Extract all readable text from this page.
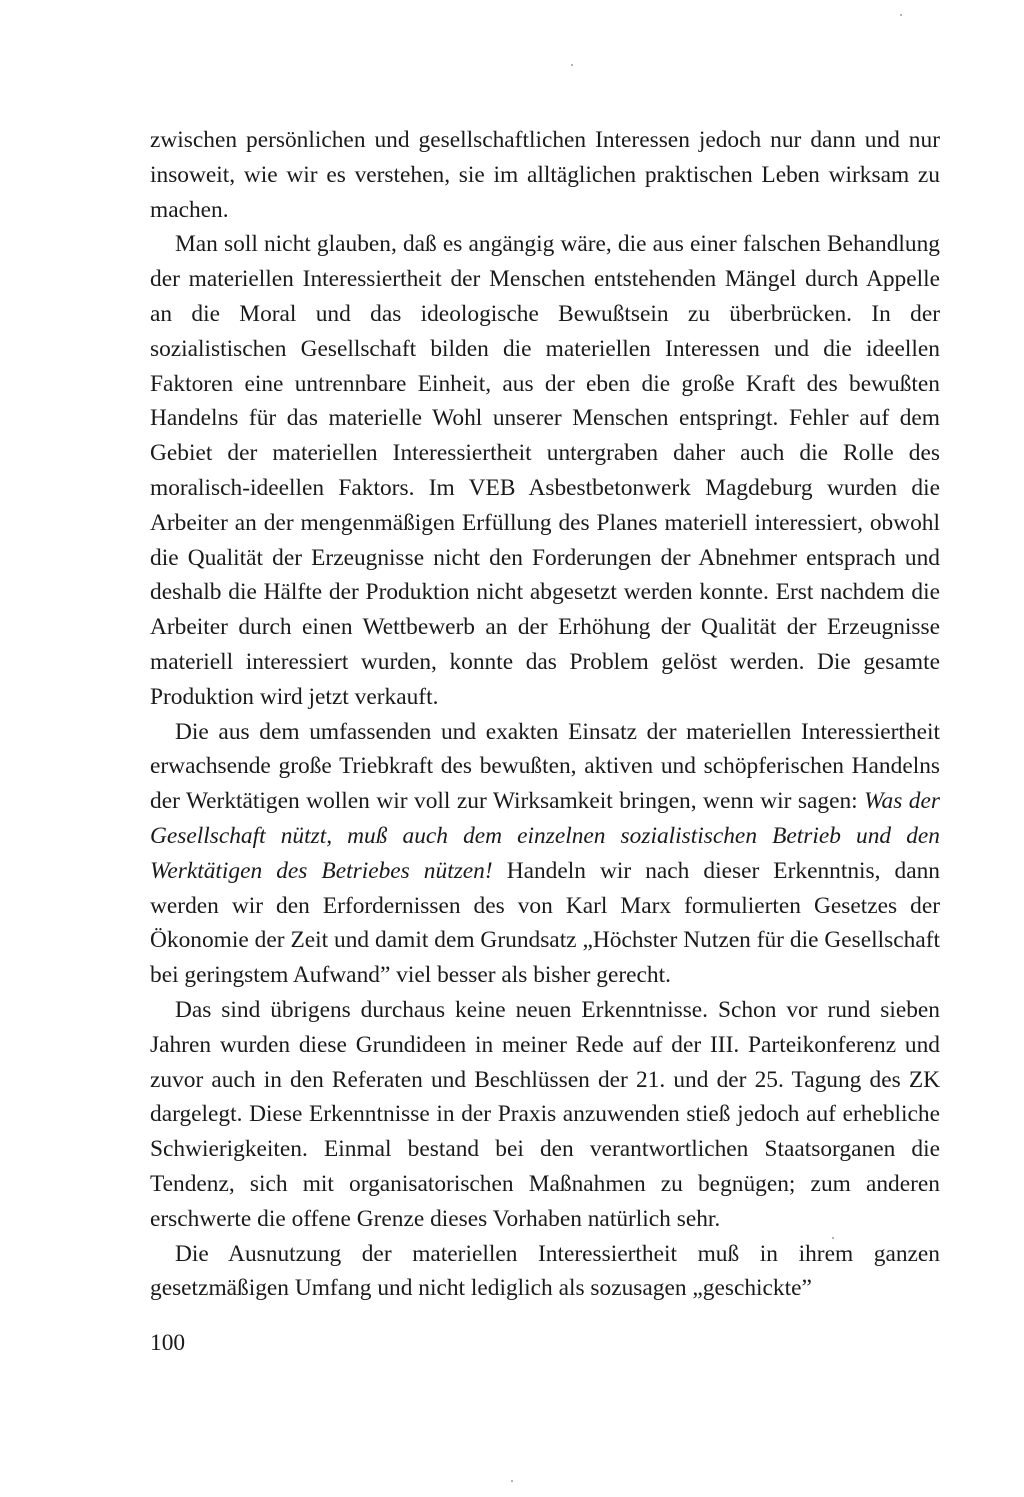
zwischen persönlichen und gesellschaftlichen Interessen jedoch nur dann und nur insoweit, wie wir es verstehen, sie im alltäglichen praktischen Leben wirksam zu machen.

Man soll nicht glauben, daß es angängig wäre, die aus einer falschen Behandlung der materiellen Interessiertheit der Menschen entstehenden Mängel durch Appelle an die Moral und das ideologische Bewußtsein zu überbrücken. In der sozialistischen Gesellschaft bilden die materiellen Interessen und die ideellen Faktoren eine untrennbare Einheit, aus der eben die große Kraft des bewußten Handelns für das materielle Wohl unserer Menschen entspringt. Fehler auf dem Gebiet der materiellen Interessiertheit untergraben daher auch die Rolle des moralisch-ideellen Faktors. Im VEB Asbestbetonwerk Magdeburg wurden die Arbeiter an der mengenmäßigen Erfüllung des Planes materiell interessiert, obwohl die Qualität der Erzeugnisse nicht den Forderungen der Abnehmer entsprach und deshalb die Hälfte der Produktion nicht abgesetzt werden konnte. Erst nachdem die Arbeiter durch einen Wettbewerb an der Erhöhung der Qualität der Erzeugnisse materiell interessiert wurden, konnte das Problem gelöst werden. Die gesamte Produktion wird jetzt verkauft.

Die aus dem umfassenden und exakten Einsatz der materiellen Interessiertheit erwachsende große Triebkraft des bewußten, aktiven und schöpferischen Handelns der Werktätigen wollen wir voll zur Wirksamkeit bringen, wenn wir sagen: Was der Gesellschaft nützt, muß auch dem einzelnen sozialistischen Betrieb und den Werktätigen des Betriebes nützen! Handeln wir nach dieser Erkenntnis, dann werden wir den Erfordernissen des von Karl Marx formulierten Gesetzes der Ökonomie der Zeit und damit dem Grundsatz „Höchster Nutzen für die Gesellschaft bei geringstem Aufwand” viel besser als bisher gerecht.

Das sind übrigens durchaus keine neuen Erkenntnisse. Schon vor rund sieben Jahren wurden diese Grundideen in meiner Rede auf der III. Parteikonferenz und zuvor auch in den Referaten und Beschlüssen der 21. und der 25. Tagung des ZK dargelegt. Diese Erkenntnisse in der Praxis anzuwenden stieß jedoch auf erhebliche Schwierigkeiten. Einmal bestand bei den verantwortlichen Staatsorganen die Tendenz, sich mit organisatorischen Maßnahmen zu begnügen; zum anderen erschwerte die offene Grenze dieses Vorhaben natürlich sehr.

Die Ausnutzung der materiellen Interessiertheit muß in ihrem ganzen gesetzmäßigen Umfang und nicht lediglich als sozusagen „geschickte”

100
